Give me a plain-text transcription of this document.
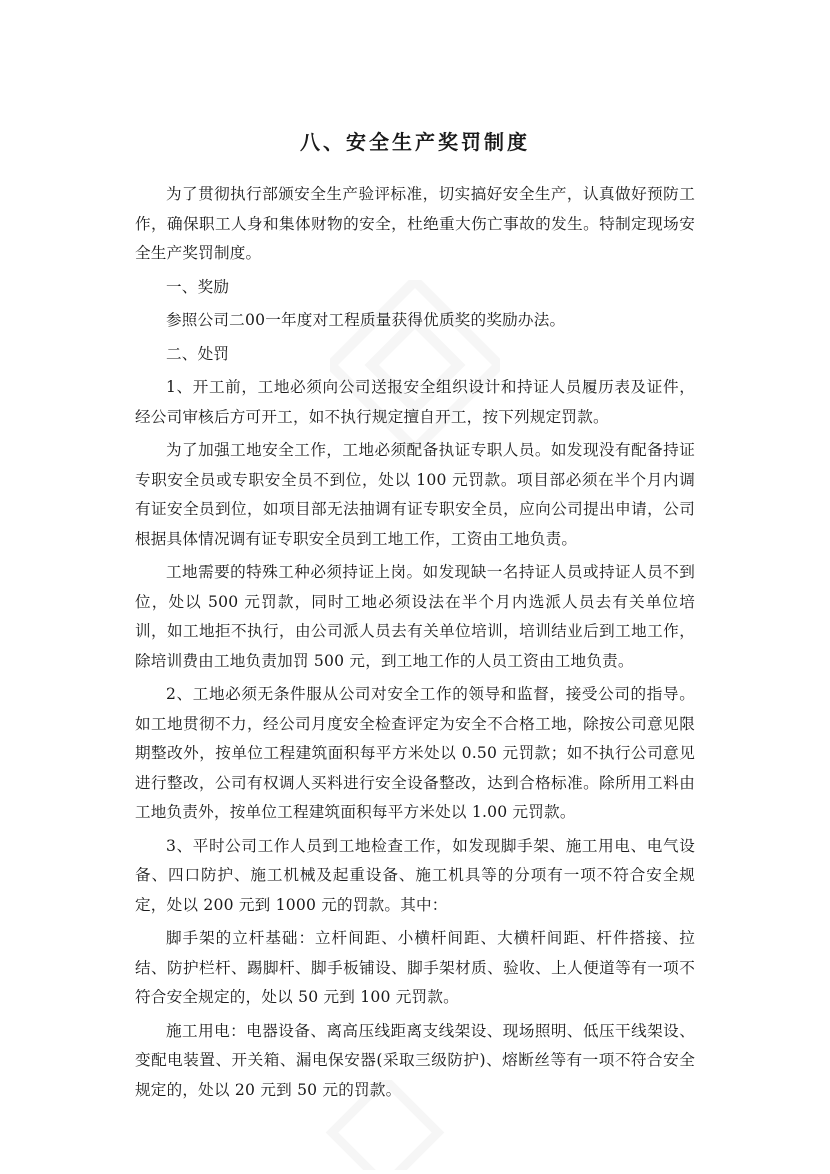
八、安全生产奖罚制度

为了贯彻执行部颁安全生产验评标准，切实搞好安全生产，认真做好预防工作，确保职工人身和集体财物的安全，杜绝重大伤亡事故的发生。特制定现场安全生产奖罚制度。

一、奖励

参照公司二00一年度对工程质量获得优质奖的奖励办法。

二、处罚

1、开工前，工地必须向公司送报安全组织设计和持证人员履历表及证件，经公司审核后方可开工，如不执行规定擅自开工，按下列规定罚款。

为了加强工地安全工作，工地必须配备执证专职人员。如发现没有配备持证专职安全员或专职安全员不到位，处以 100 元罚款。项目部必须在半个月内调有证安全员到位，如项目部无法抽调有证专职安全员，应向公司提出申请，公司根据具体情况调有证专职安全员到工地工作，工资由工地负责。

工地需要的特殊工种必须持证上岗。如发现缺一名持证人员或持证人员不到位，处以 500 元罚款，同时工地必须设法在半个月内选派人员去有关单位培训，如工地拒不执行，由公司派人员去有关单位培训，培训结业后到工地工作，除培训费由工地负责加罚 500 元，到工地工作的人员工资由工地负责。

2、工地必须无条件服从公司对安全工作的领导和监督，接受公司的指导。如工地贯彻不力，经公司月度安全检查评定为安全不合格工地，除按公司意见限期整改外，按单位工程建筑面积每平方米处以 0.50 元罚款；如不执行公司意见进行整改，公司有权调人买料进行安全设备整改，达到合格标准。除所用工料由工地负责外，按单位工程建筑面积每平方米处以 1.00 元罚款。

3、平时公司工作人员到工地检查工作，如发现脚手架、施工用电、电气设备、四口防护、施工机械及起重设备、施工机具等的分项有一项不符合安全规定，处以 200 元到 1000 元的罚款。其中：

脚手架的立杆基础：立杆间距、小横杆间距、大横杆间距、杆件搭接、拉结、防护栏杆、踢脚杆、脚手板铺设、脚手架材质、验收、上人便道等有一项不符合安全规定的，处以 50 元到 100 元罚款。

施工用电：电器设备、离高压线距离支线架设、现场照明、低压干线架设、变配电装置、开关箱、漏电保安器(采取三级防护)、熔断丝等有一项不符合安全规定的，处以 20 元到 50 元的罚款。
